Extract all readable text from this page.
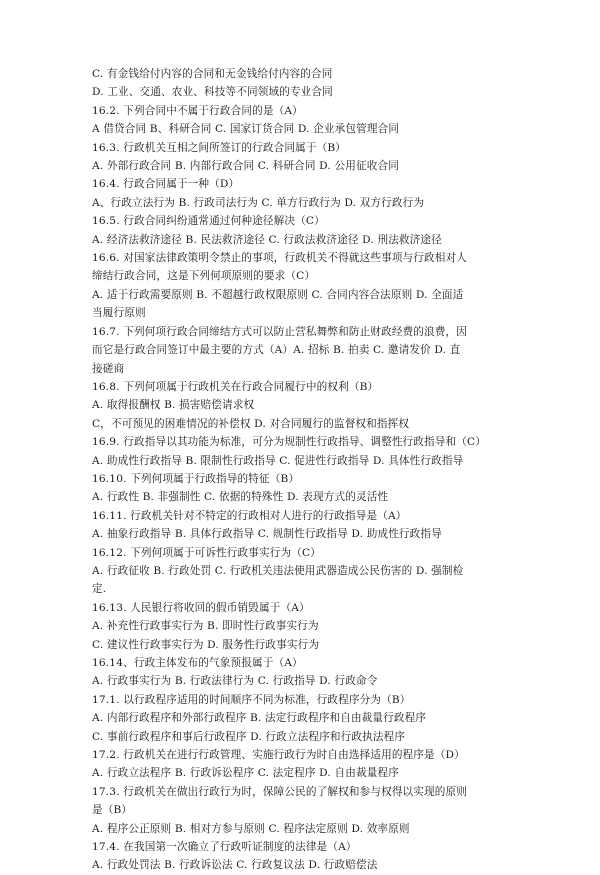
C. 有金钱给付内容的合同和无金钱给付内容的合同
D. 工业、交通、农业、科技等不同领域的专业合同
16.2. 下列合同中不属于行政合同的是（A）
A 借贷合同 B、科研合同 C. 国家订货合同 D. 企业承包管理合同
16.3. 行政机关互相之间所签订的行政合同属于（B）
A. 外部行政合同 B. 内部行政合同 C. 科研合同 D. 公用征收合同
16.4. 行政合同属于一种（D）
A、行政立法行为 B. 行政司法行为 C. 单方行政行为 D. 双方行政行为
16.5. 行政合同纠纷通常通过何种途径解决（C）
A. 经济法救济途径 B. 民法救济途径 C. 行政法救济途径 D. 刑法救济途径
16.6. 对国家法律政策明令禁止的事项，行政机关不得就这些事项与行政相对人
缔结行政合同，这是下列何项原则的要求（C）
A. 适于行政需要原则 B. 不超越行政权限原则 C. 合同内容合法原则 D. 全面适
当履行原则
16.7. 下列何项行政合同缔结方式可以防止营私舞弊和防止财政经费的浪费，因
而它是行政合同签订中最主要的方式（A）A. 招标 B. 拍卖 C. 邀请发价 D. 直
接磋商
16.8. 下列何项属于行政机关在行政合同履行中的权利（B）
A. 取得报酬权 B. 损害赔偿请求权
C，不可预见的困难情况的补偿权 D. 对合同履行的监督权和指挥权
16.9. 行政指导以其功能为标准，可分为规制性行政指导、调整性行政指导和（C）
A. 助成性行政指导 B. 限制性行政指导 C. 促进性行政指导 D. 具体性行政指导
16.10. 下列何项属于行政指导的特征（B）
A. 行政性 B. 非强制性 C. 依据的特殊性 D. 表现方式的灵活性
16.11. 行政机关针对不特定的行政相对人进行的行政指导是（A）
A. 抽象行政指导 B. 具体行政指导 C. 规制性行政指导 D. 助成性行政指导
16.12. 下列何项属于可诉性行政事实行为（C）
A. 行政征收 B. 行政处罚 C. 行政机关违法使用武器造成公民伤害的 D. 强制检
定.
16.13. 人民银行将收回的假币销毁属于（A）
A. 补充性行政事实行为 B. 即时性行政事实行为
C. 建议性行政事实行为 D. 服务性行政事实行为
16.14、行政主体发布的气象预报属于（A）
A. 行政事实行为 B. 行政法律行为 C. 行政指导 D. 行政命令
17.1. 以行政程序适用的时间顺序不同为标准，行政程序分为（B）
A. 内部行政程序和外部行政程序 B. 法定行政程序和自由裁量行政程序
C. 事前行政程序和事后行政程序 D. 行政立法程序和行政执法程序
17.2. 行政机关在进行行政管理、实施行政行为时自由选择适用的程序是（D）
A. 行政立法程序 B. 行政诉讼程序 C. 法定程序 D. 自由裁量程序
17.3. 行政机关在做出行政行为时，保障公民的了解权和参与权得以实现的原则
是（B）
A. 程序公正原则 B. 相对方参与原则 C. 程序法定原则 D. 效率原则
17.4. 在我国第一次确立了行政听证制度的法律是（A）
A. 行政处罚法 B. 行政诉讼法 C. 行政复议法 D. 行政赔偿法
